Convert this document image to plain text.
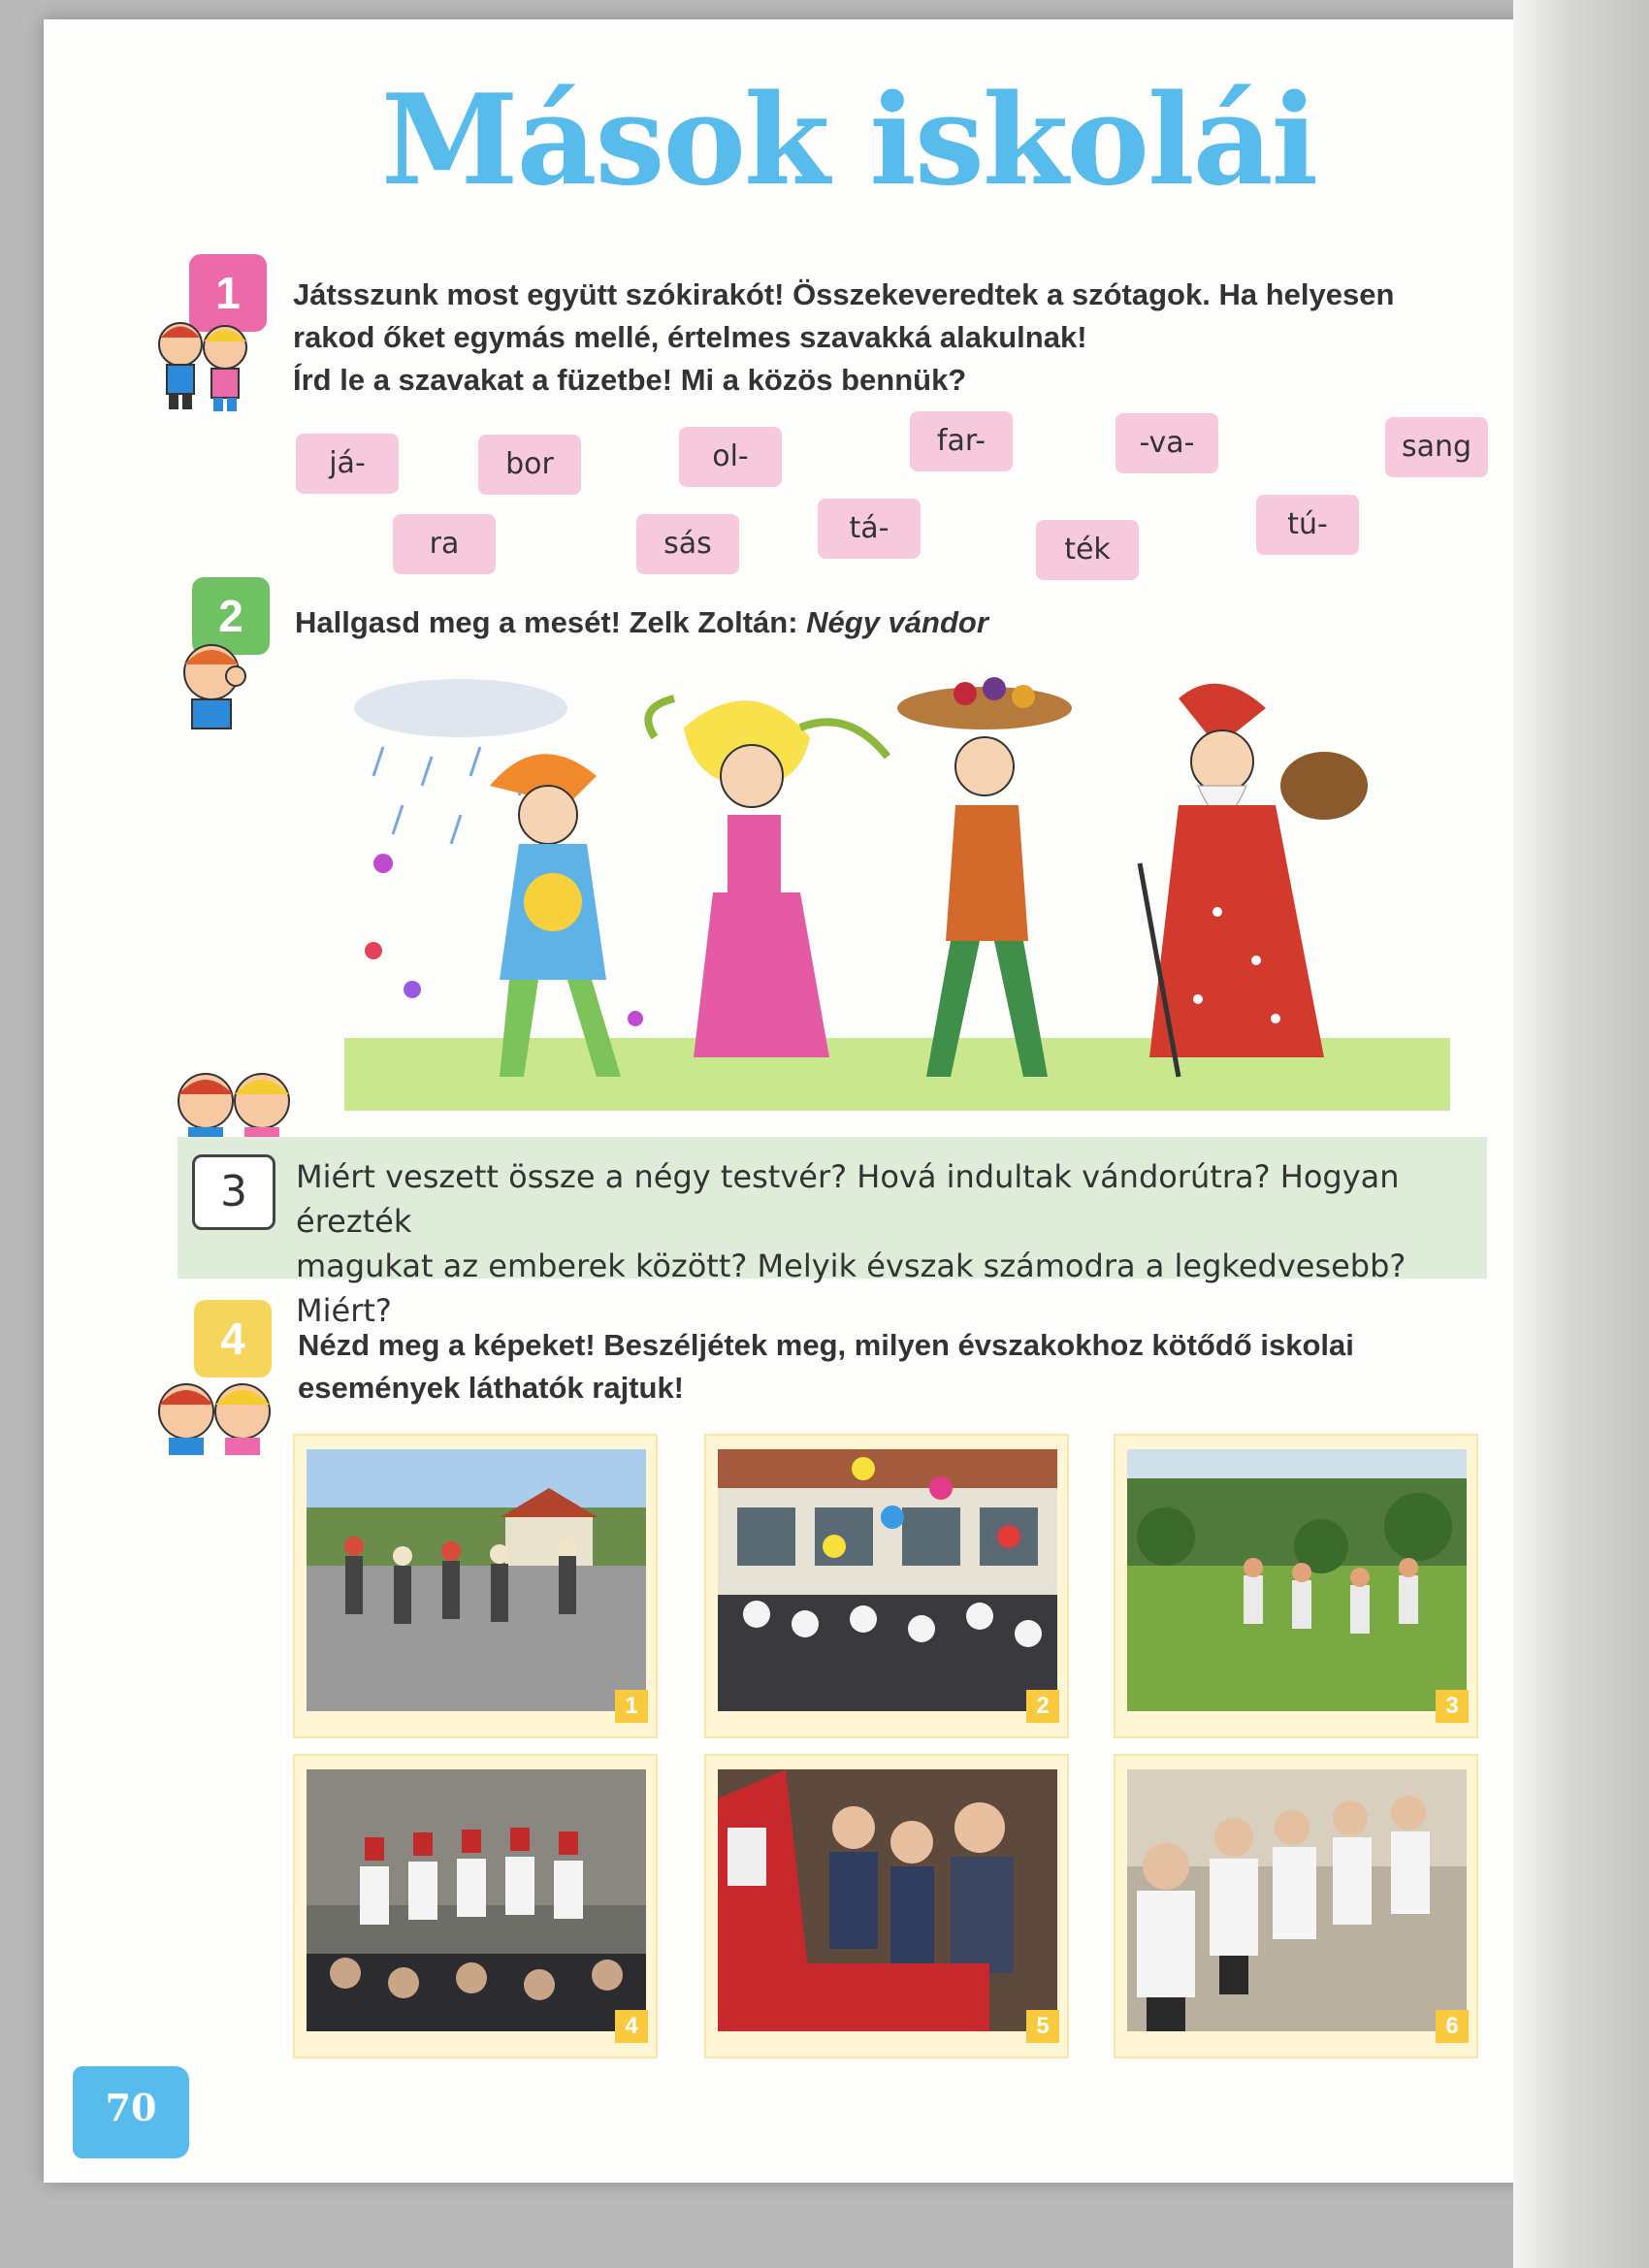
Mások iskolái
1	Játsszunk most együtt szókirakót! Összekeveredtek a szótagok. Ha helyesen

rakod őket egymás mellé, értelmes szavakká alakulnak!

Írd le a szavakat a füzetbe! Mi a közös bennük?

já-	bor	ol-	far-	-va-	sang
ra	sás	tá-
ték
tú-
2	Hallgasd meg a mesét! Zelk Zoltán: Négy vándor
3	Miért veszett össze a négy testvér? Hová indultak vándorútra? Hogyan érezték

magukat az emberek között? Melyik évszak számodra a legkedvesebb? Miért?

4	Nézd meg a képeket! Beszéljétek meg, milyen évszakokhoz kötődő iskolai

események láthatók rajtuk!

1	2	3
4	5	6
70
